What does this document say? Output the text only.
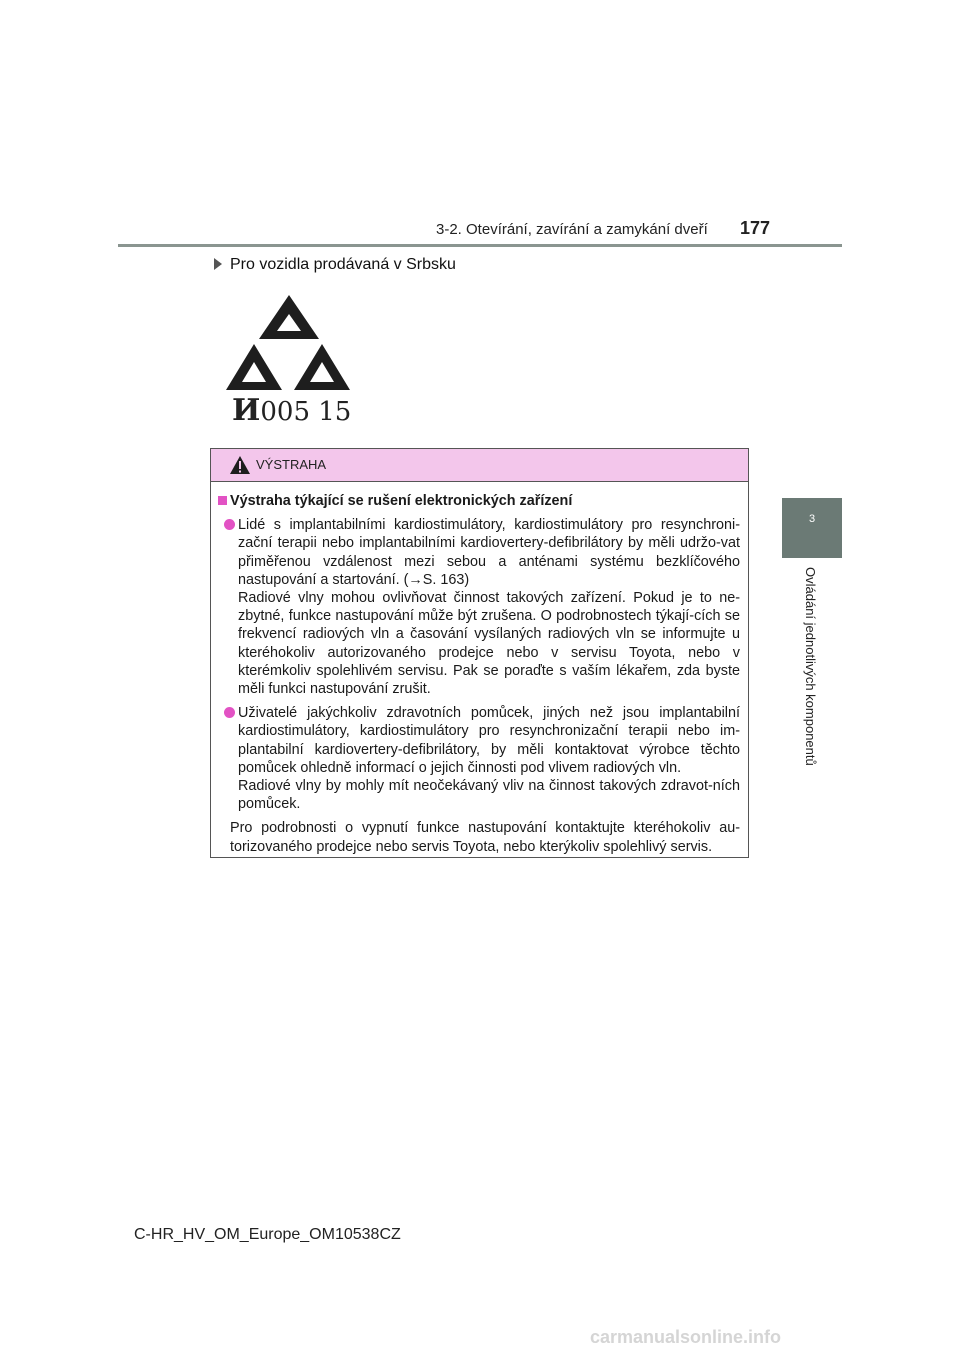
3-2. Otevírání, zavírání a zamykání dveří 177
3
Ovládání jednotlivých komponentů
Pro vozidla prodávaná v Srbsku
И005 15
VÝSTRAHA
Výstraha týkající se rušení elektronických zařízení
Lidé s implantabilními kardiostimulátory, kardiostimulátory pro resynchroni-zační terapii nebo implantabilními kardiovertery-defibrilátory by měli udržo-vat přiměřenou vzdálenost mezi sebou a anténami systému bezklíčového nastupování a startování. (→S. 163)
Radiové vlny mohou ovlivňovat činnost takových zařízení. Pokud je to ne-zbytné, funkce nastupování může být zrušena. O podrobnostech týkají-cích se frekvencí radiových vln a časování vysílaných radiových vln se informujte u kteréhokoliv autorizovaného prodejce nebo v servisu Toyota, nebo v kterémkoliv spolehlivém servisu. Pak se poraďte s vaším lékařem, zda byste měli funkci nastupování zrušit.
Uživatelé jakýchkoliv zdravotních pomůcek, jiných než jsou implantabilní kardiostimulátory, kardiostimulátory pro resynchronizační terapii nebo im-plantabilní kardiovertery-defibrilátory, by měli kontaktovat výrobce těchto pomůcek ohledně informací o jejich činnosti pod vlivem radiových vln.
Radiové vlny by mohly mít neočekávaný vliv na činnost takových zdravot-ních pomůcek.
Pro podrobnosti o vypnutí funkce nastupování kontaktujte kteréhokoliv au-torizovaného prodejce nebo servis Toyota, nebo kterýkoliv spolehlivý servis.
C-HR_HV_OM_Europe_OM10538CZ
carmanualsonline.info
